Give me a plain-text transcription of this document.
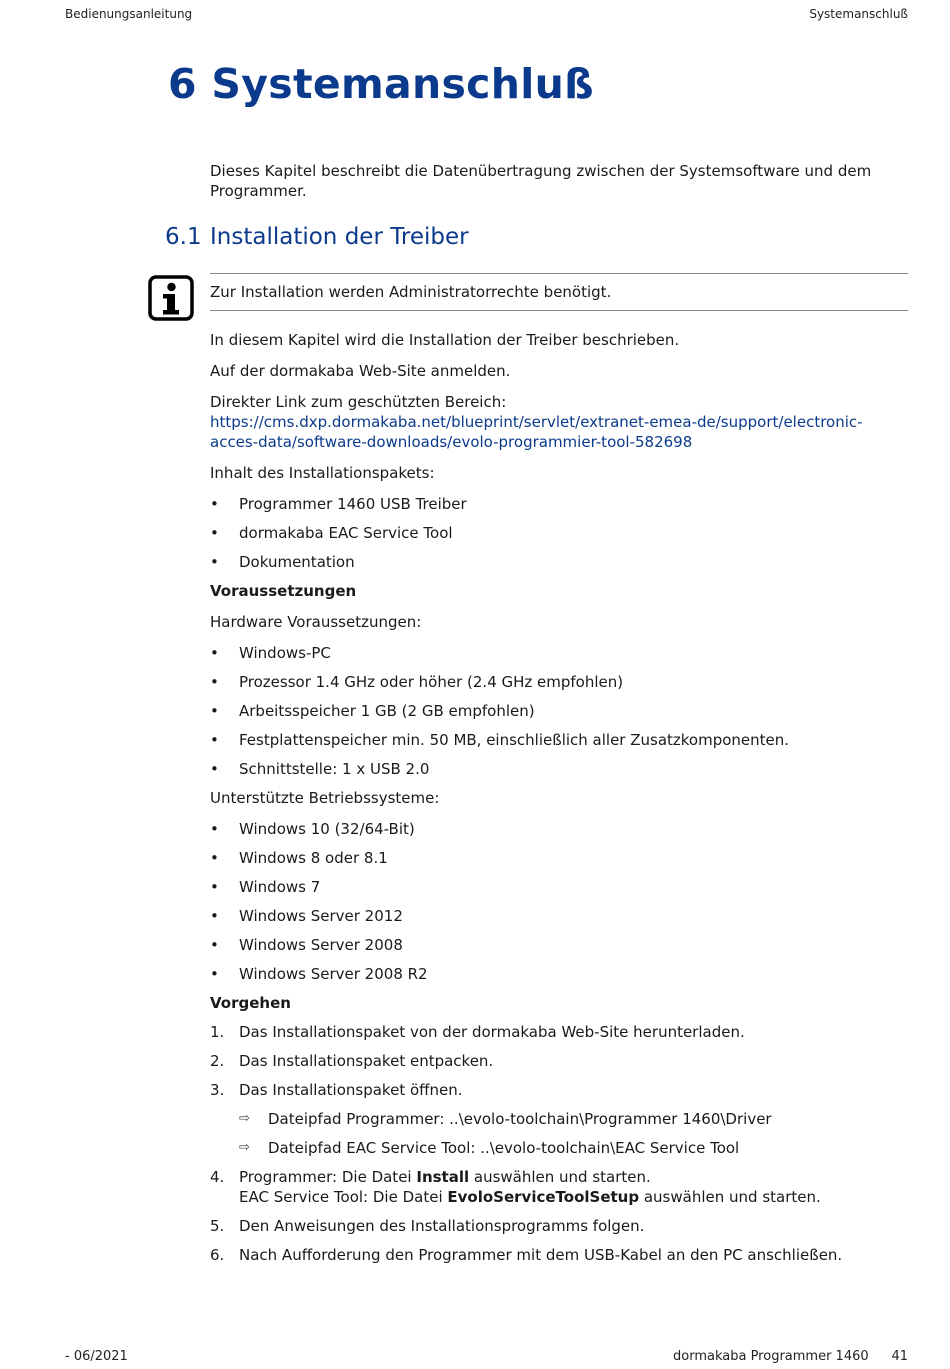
Bedienungsanleitung	Systemanschluß
6 Systemanschluß
Dieses Kapitel beschreibt die Datenübertragung zwischen der Systemsoftware und dem Programmer.
6.1 Installation der Treiber
Zur Installation werden Administratorrechte benötigt.

In diesem Kapitel wird die Installation der Treiber beschrieben.

Auf der dormakaba Web-Site anmelden.

Direkter Link zum geschützten Bereich: https://cms.dxp.dormakaba.net/blueprint/servlet/extranet-emea-de/support/electronic-acces-data/software-downloads/evolo-programmier-tool-582698

Inhalt des Installationspakets:

• Programmer 1460 USB Treiber
• dormakaba EAC Service Tool
• Dokumentation

Voraussetzungen

Hardware Voraussetzungen:

• Windows-PC
• Prozessor 1.4 GHz oder höher (2.4 GHz empfohlen)
• Arbeitsspeicher 1 GB (2 GB empfohlen)
• Festplattenspeicher min. 50 MB, einschließlich aller Zusatzkomponenten.
• Schnittstelle: 1 x USB 2.0

Unterstützte Betriebssysteme:

• Windows 10 (32/64-Bit)
• Windows 8 oder 8.1
• Windows 7
• Windows Server 2012
• Windows Server 2008
• Windows Server 2008 R2

Vorgehen

1. Das Installationspaket von der dormakaba Web-Site herunterladen.
2. Das Installationspaket entpacken.
3. Das Installationspaket öffnen.
⇨ Dateipfad Programmer: ..\evolo-toolchain\Programmer 1460\Driver
⇨ Dateipfad EAC Service Tool: ..\evolo-toolchain\EAC Service Tool
4. Programmer: Die Datei Install auswählen und starten.
EAC Service Tool: Die Datei EvoloServiceToolSetup auswählen und starten.
5. Den Anweisungen des Installationsprogramms folgen.
6. Nach Aufforderung den Programmer mit dem USB-Kabel an den PC anschließen.
- 06/2021	dormakaba Programmer 1460 41
